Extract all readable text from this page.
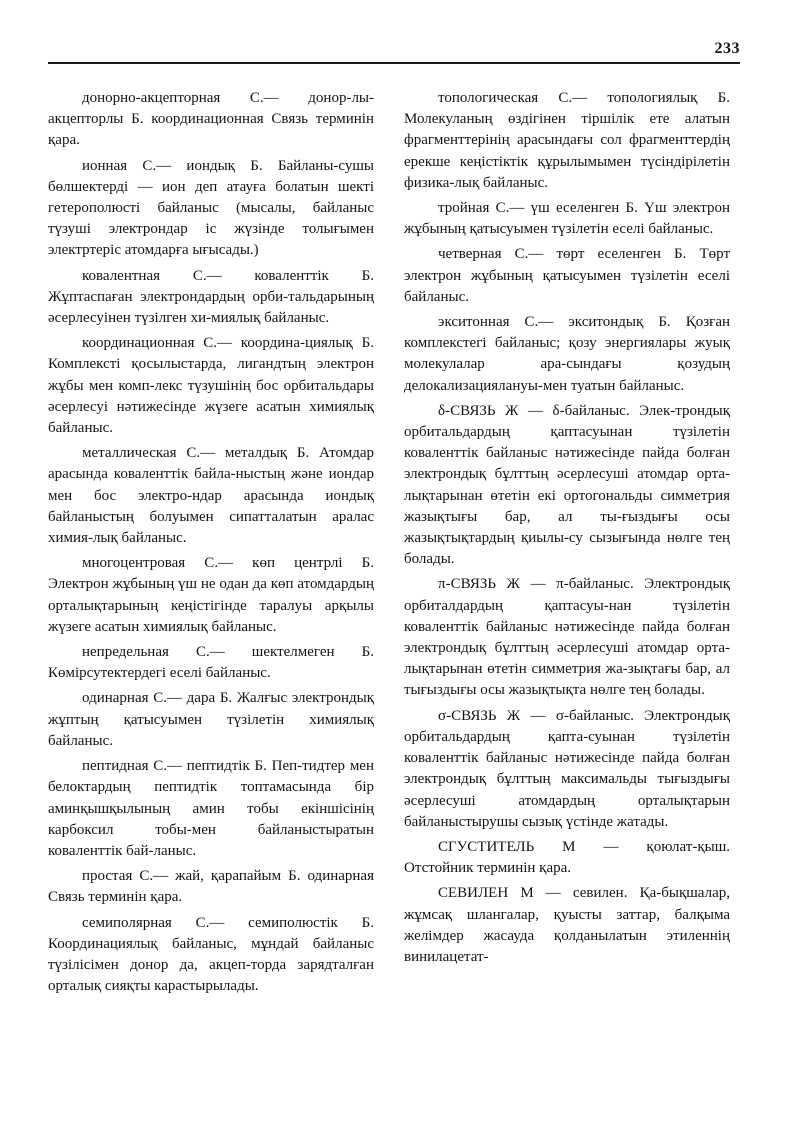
233

донорно-акцепторная С.— донор-лы-акцепторлы Б. координационная Связь терминін қара.

ионная С.— иондық Б. Байланы-сушы бөлшектерді — ион деп атауға болатын шекті гетерополюсті байланыс (мысалы, байланыс түзуші электрондар іс жүзінде толығымен электртеріс атомдарға ығысады.)

ковалентная С.— коваленттік Б. Жұптаспаған электрондардың орби-тальдарының әсерлесуінен түзілген хи-миялық байланыс.

координационная С.— координа-циялық Б. Комплексті қосылыстарда, лигандтың электрон жұбы мен комп-лекс түзушінің бос орбитальдары әсерлесуі нәтижесінде жүзеге асатын химиялық байланыс.

металлическая С.— металдық Б. Атомдар арасында коваленттік байла-ныстың және иондар мен бос электро-ндар арасында иондық байланыстың болуымен сипатталатын аралас химия-лық байланыс.

многоцентровая С.— көп центрлі Б. Электрон жұбының үш не одан да көп атомдардың орталықтарының кеңістігінде таралуы арқылы жүзеге асатын химиялық байланыс.

непредельная С.— шектелмеген Б. Көмірсутектердегі еселі байланыс.

одинарная С.— дара Б. Жалғыс электрондық жұптың қатысуымен түзілетін химиялық байланыс.

пептидная С.— пептидтік Б. Пеп-тидтер мен белоктардың пептидтік топтамасында бір аминқышқылының амин тобы екіншісінің карбоксил тобы-мен байланыстыратын коваленттік бай-ланыс.

простая С.— жай, қарапайым Б. одинарная Связь терминін қара.

семиполярная С.— семиполюстік Б. Координациялық байланыс, мұндай байланыс түзілісімен донор да, акцеп-торда зарядталған орталық сияқты карастырылады.

топологическая С.— топологиялық Б. Молекуланың өздігінен тіршілік ете алатын фрагменттерінің арасындағы сол фрагменттердің ерекше кеңістіктік құрылымымен түсіндірілетін физика-лық байланыс.

тройная С.— үш еселенген Б. Үш электрон жұбының қатысуымен түзілетін еселі байланыс.

четверная С.— төрт еселенген Б. Төрт электрон жұбының қатысуымен түзілетін еселі байланыс.

экситонная С.— экситондық Б. Қозған комплекстегі байланыс; қозу энергиялары жуық молекулалар ара-сындағы қозудың делокализациялануы-мен туатын байланыс.

δ-СВЯЗЬ Ж — δ-байланыс. Элек-трондық орбитальдардың қаптасуынан түзілетін коваленттік байланыс нәтижесінде пайда болған электрондық бұлттың әсерлесуші атомдар орта-лықтарынан өтетін екі ортогональды симметрия жазықтығы бар, ал ты-ғыздығы осы жазықтықтардың қиылы-су сызығында нөлге тең болады.

π-СВЯЗЬ Ж — π-байланыс. Электрондық орбиталдардың қаптасуы-нан түзілетін коваленттік байланыс нәтижесінде пайда болған электрондық бұлттың әсерлесуші атомдар орта-лықтарынан өтетін симметрия жа-зықтағы бар, ал тығыздығы осы жазықтықта нөлге тең болады.

σ-СВЯЗЬ Ж — σ-байланыс. Электрондық орбитальдардың қапта-суынан түзілетін коваленттік байланыс нәтижесінде пайда болған электрондық бұлттың максимальды тығыздығы әсерлесуші атомдардың орталықтарын байланыстырушы сызық үстінде жатады.

СГУСТИТЕЛЬ М — қоюлат-қыш. Отстойник терминін қара.

СЕВИЛЕН М — севилен. Қа-бықшалар, жұмсақ шлангалар, қуысты заттар, балқыма желімдер жасауда қолданылатын этиленнің винилацетат-
